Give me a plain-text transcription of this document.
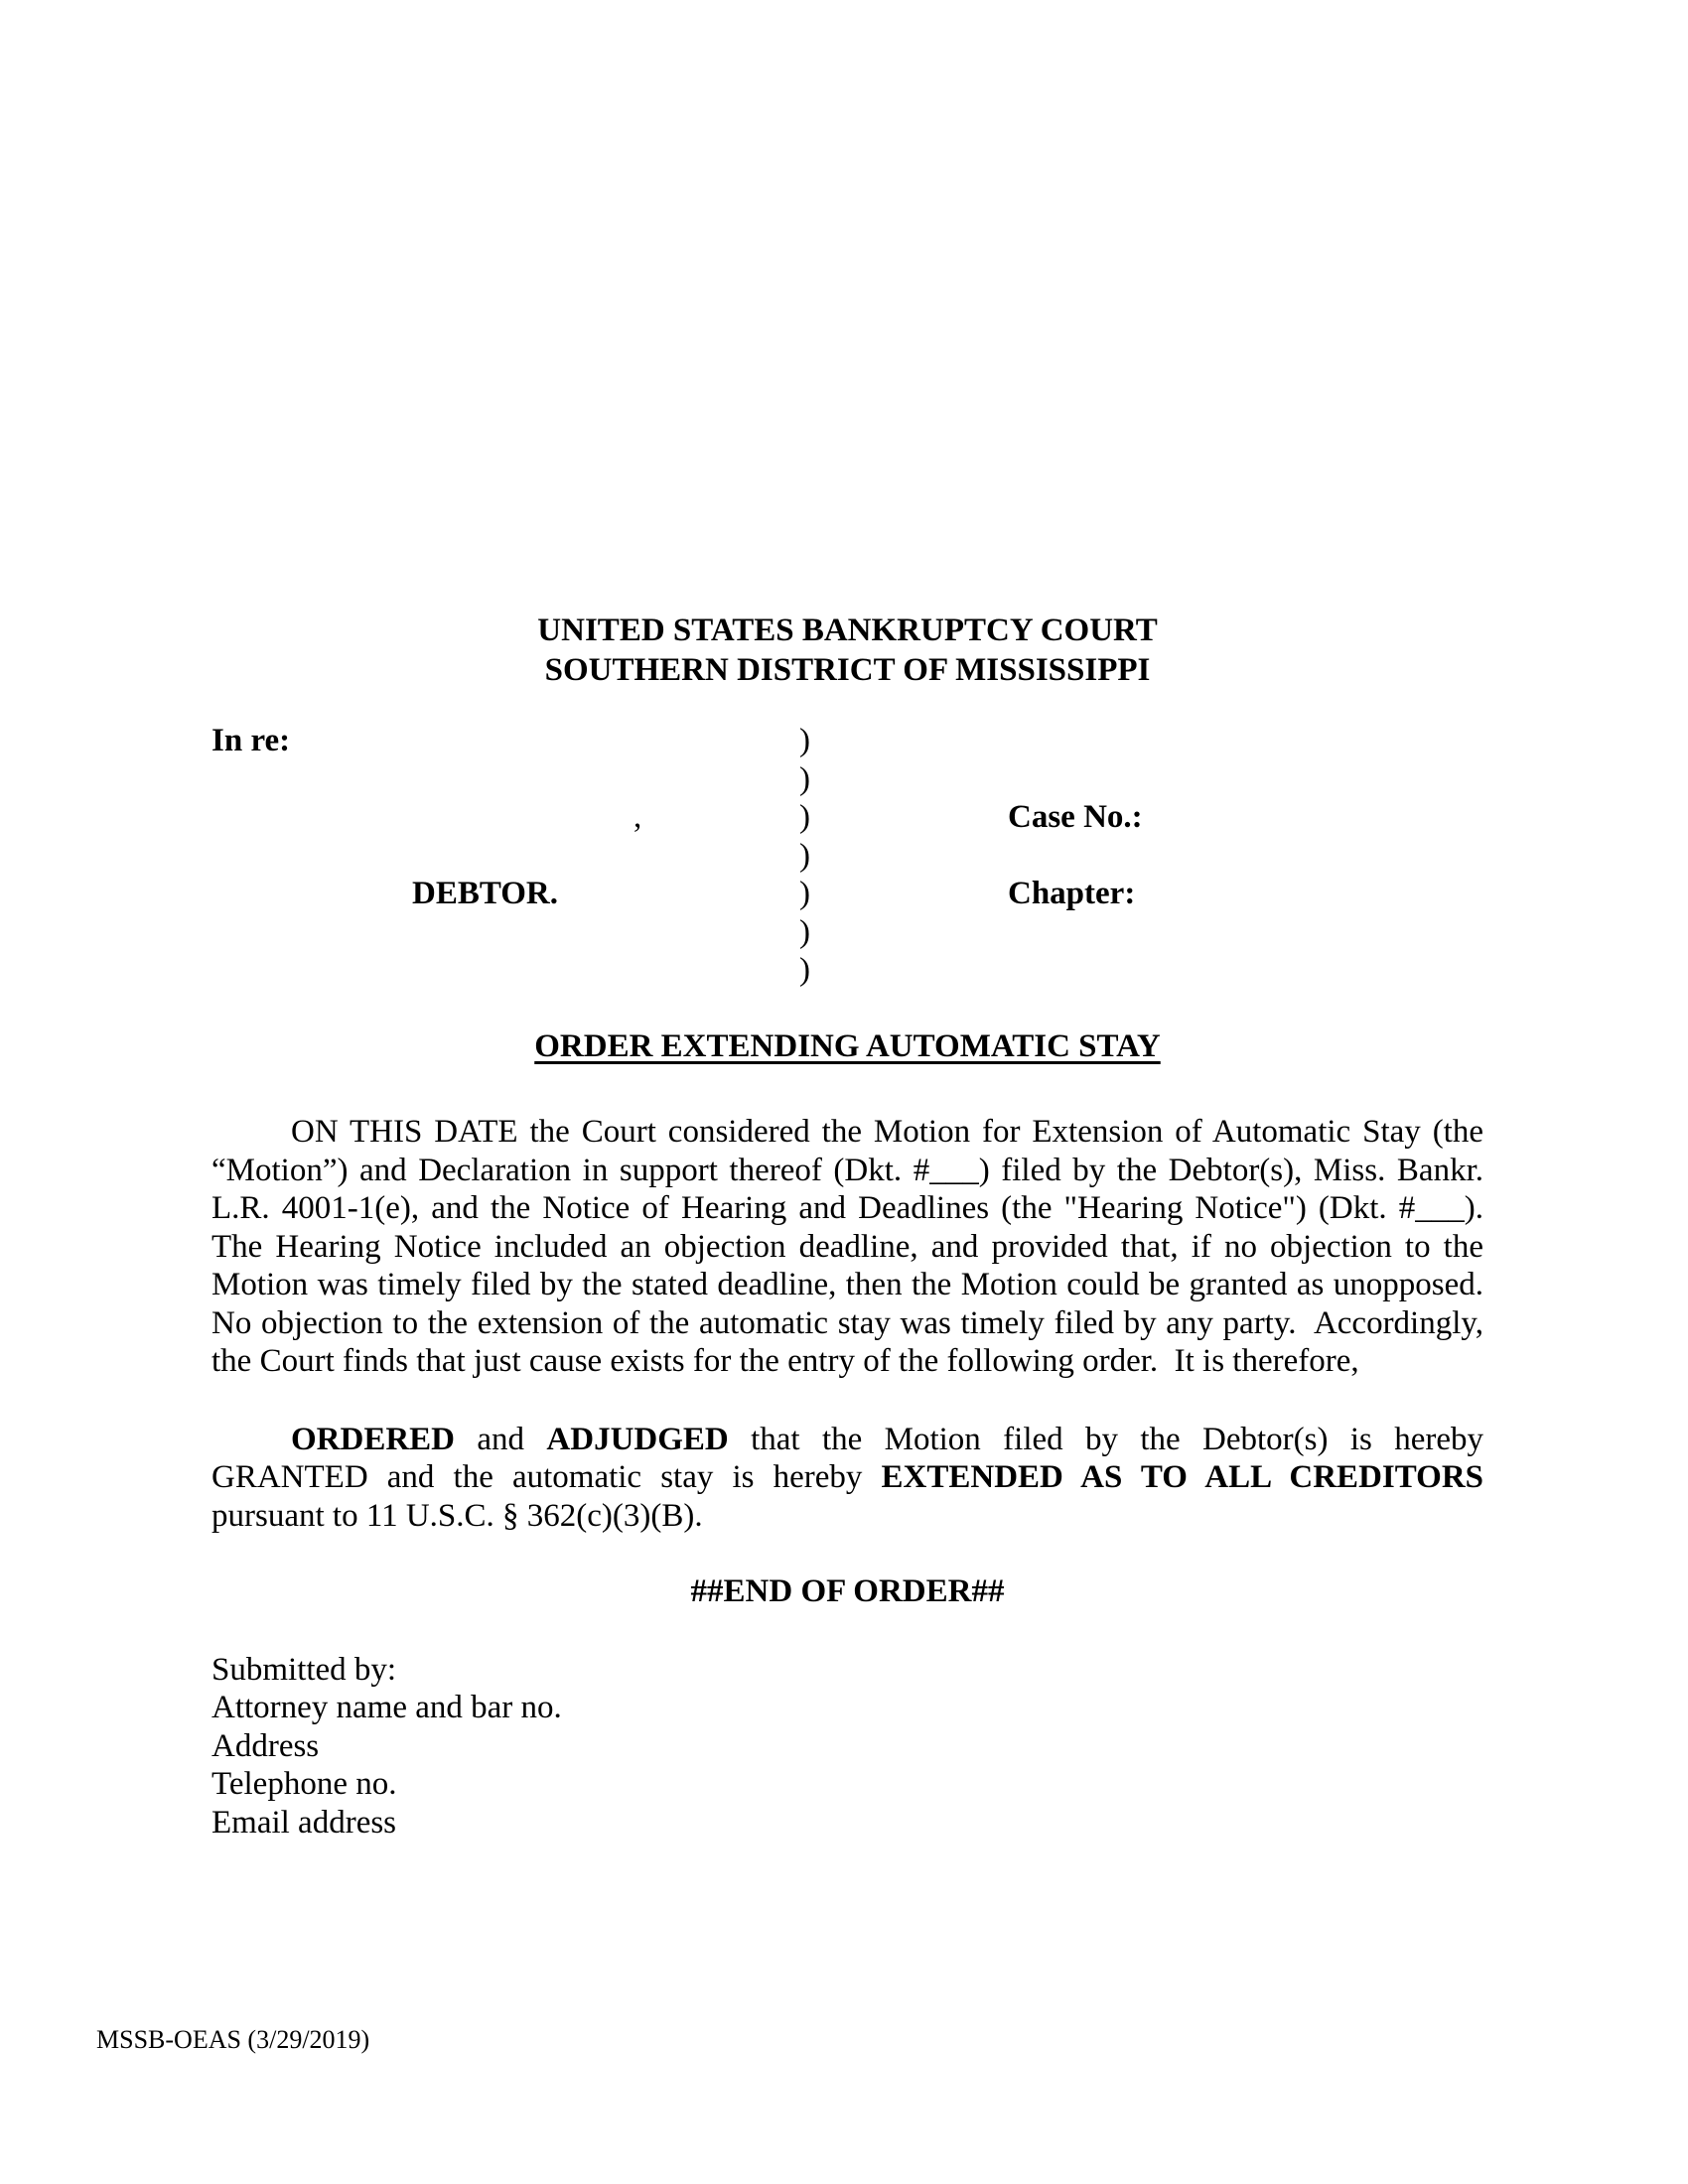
UNITED STATES BANKRUPTCY COURT
SOUTHERN DISTRICT OF MISSISSIPPI
In re:	)
)
,	)	Case No.:
)
DEBTOR.	)	Chapter:
)
)
ORDER EXTENDING AUTOMATIC STAY

ON THIS DATE the Court considered the Motion for Extension of Automatic Stay (the “Motion”) and Declaration in support thereof (Dkt. #___) filed by the Debtor(s), Miss. Bankr. L.R. 4001-1(e), and the Notice of Hearing and Deadlines (the "Hearing Notice") (Dkt. #___).  The Hearing Notice included an objection deadline, and provided that, if no objection to the Motion was timely filed by the stated deadline, then the Motion could be granted as unopposed.  No objection to the extension of the automatic stay was timely filed by any party.  Accordingly, the Court finds that just cause exists for the entry of the following order.  It is therefore,

ORDERED and ADJUDGED that the Motion filed by the Debtor(s) is hereby GRANTED and the automatic stay is hereby EXTENDED AS TO ALL CREDITORS pursuant to 11 U.S.C. § 362(c)(3)(B).

##END OF ORDER##
Submitted by:
Attorney name and bar no.
Address
Telephone no.
Email address
MSSB-OEAS (3/29/2019)
